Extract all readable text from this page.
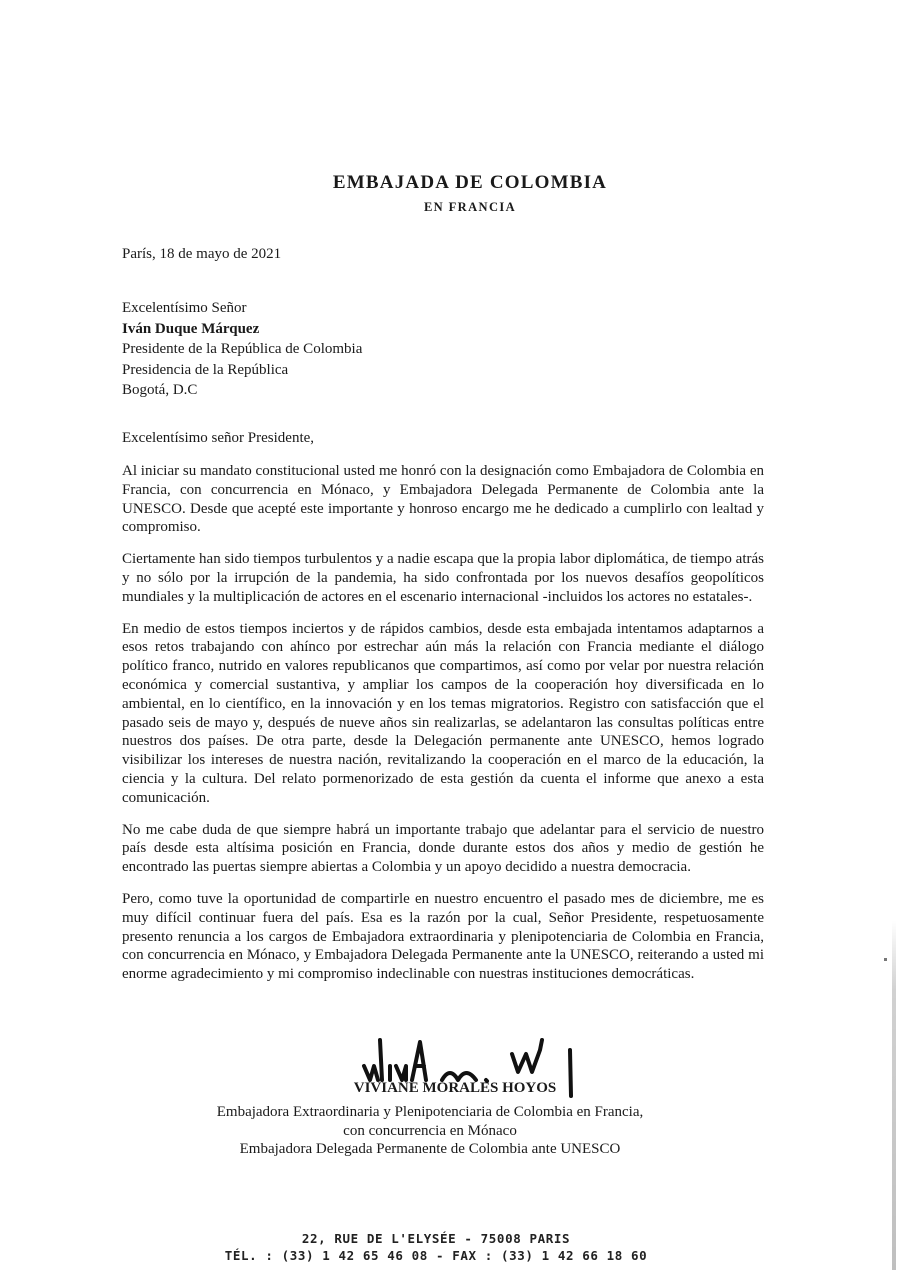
EMBAJADA DE COLOMBIA
EN FRANCIA
París, 18 de mayo de 2021
Excelentísimo Señor
Iván Duque Márquez
Presidente de la República de Colombia
Presidencia de la República
Bogotá, D.C
Excelentísimo señor Presidente,

Al iniciar su mandato constitucional usted me honró con la designación como Embajadora de Colombia en Francia, con concurrencia en Mónaco, y Embajadora Delegada Permanente de Colombia ante la UNESCO. Desde que acepté este importante y honroso encargo me he dedicado a cumplirlo con lealtad y compromiso.

Ciertamente han sido tiempos turbulentos y a nadie escapa que la propia labor diplomática, de tiempo atrás y no sólo por la irrupción de la pandemia, ha sido confrontada por los nuevos desafíos geopolíticos mundiales y la multiplicación de actores en el escenario internacional -incluidos los actores no estatales-.

En medio de estos tiempos inciertos y de rápidos cambios, desde esta embajada intentamos adaptarnos a esos retos trabajando con ahínco por estrechar aún más la relación con Francia mediante el diálogo político franco, nutrido en valores republicanos que compartimos, así como por velar por nuestra relación económica y comercial sustantiva, y ampliar los campos de la cooperación hoy diversificada en lo ambiental, en lo científico, en la innovación y en los temas migratorios. Registro con satisfacción que el pasado seis de mayo y, después de nueve años sin realizarlas, se adelantaron las consultas políticas entre nuestros dos países. De otra parte, desde la Delegación permanente ante UNESCO, hemos logrado visibilizar los intereses de nuestra nación, revitalizando la cooperación en el marco de la educación, la ciencia y la cultura. Del relato pormenorizado de esta gestión da cuenta el informe que anexo a esta comunicación.

No me cabe duda de que siempre habrá un importante trabajo que adelantar para el servicio de nuestro país desde esta altísima posición en Francia, donde durante estos dos años y medio de gestión he encontrado las puertas siempre abiertas a Colombia y un apoyo decidido a nuestra democracia.

Pero, como tuve la oportunidad de compartirle en nuestro encuentro el pasado mes de diciembre, me es muy difícil continuar fuera del país. Esa es la razón por la cual, Señor Presidente, respetuosamente presento renuncia a los cargos de Embajadora extraordinaria y plenipotenciaria de Colombia en Francia, con concurrencia en Mónaco, y Embajadora Delegada Permanente ante la UNESCO, reiterando a usted mi enorme agradecimiento y mi compromiso indeclinable con nuestras instituciones democráticas.

VIVIANE MORALES HOYOS
Embajadora Extraordinaria y Plenipotenciaria de Colombia en Francia,
con concurrencia en Mónaco
Embajadora Delegada Permanente de Colombia ante UNESCO
22, RUE DE L'ELYSÉE - 75008 PARIS
TÉL. : (33) 1 42 65 46 08 - FAX : (33) 1 42 66 18 60
